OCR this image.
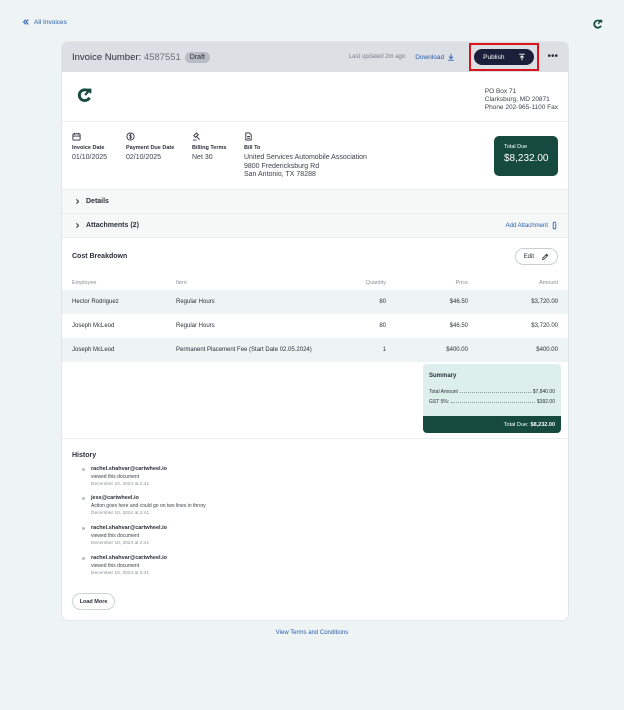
All Invoices
Invoice Number: 4587551	Draft	Last updated 2m ago Download	Publish	•••
PO Box 71
Clarksburg, MD 20871
Phone 202-965-1100 Fax
Invoice Date
01/10/2025
Payment Due Date
02/10/2025
Billing Terms
Net 30
Bill To
United Services Automobile Association
9800 Fredericksburg Rd
San Antonio, TX 78288
Total Due
$8,232.00
Details
Attachments (2)	Add Attachment
Cost Breakdown	Edit
Employee	Item	Quantity	Price	Amount
Hector Rodriguez	Regular Hours	80	$46.50	$3,720.00
Joseph McLeod	Regular Hours	80	$46.50	$3,720.00
Joseph McLeod	Permanent Placement Fee (Start Date 02.05.2024)	1	$400.00	$400.00
Summary
Total Amount	$7,840.00
GST 5%:	$392.00
Total Due: $8,232.00
History
rachel.shahvar@cartwheel.io
viewed this document
December 10, 2024 at 2:41
jess@cartwheel.io
Action goes here and could go on two lines in throry
December 10, 2024 at 2:41
rachel.shahvar@cartwheel.io
viewed this document
December 10, 2024 at 2:41
rachel.shahvar@cartwheel.io
viewed this document
December 10, 2024 at 2:41
Load More
View Terms and Conditions
